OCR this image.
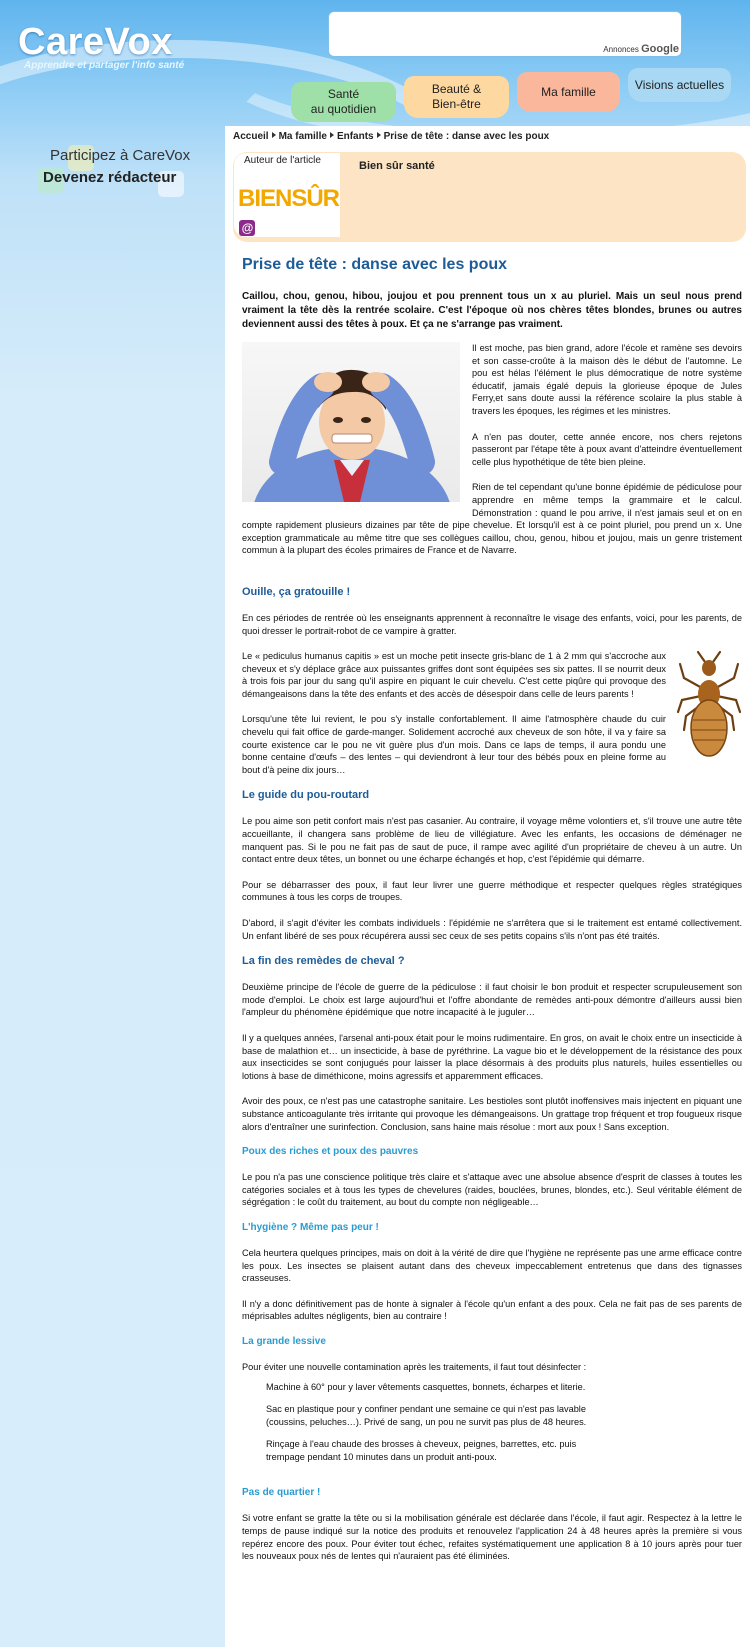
CareVox
Apprendre et partager l'info santé
Annonces Google
Santé
au quotidien
Beauté &
Bien-être
Ma famille	Visions actuelles
Participez à CareVox
Devenez rédacteur
Accueil Ma famille Enfants Prise de tête : danse avec les poux
Auteur de l'article
BIENSÛR@
Bien sûr santé
Prise de tête : danse avec les poux

Caillou, chou, genou, hibou, joujou et pou prennent tous un x au pluriel. Mais un seul nous prend vraiment la tête dès la rentrée scolaire. C'est l'époque où nos chères têtes blondes, brunes ou autres deviennent aussi des têtes à poux. Et ça ne s'arrange pas vraiment.

Il est moche, pas bien grand, adore l'école et ramène ses devoirs et son casse-croûte à la maison dès le début de l'automne. Le pou est hélas l'élément le plus démocratique de notre système éducatif, jamais égalé depuis la glorieuse époque de Jules Ferry,et sans doute aussi la référence scolaire la plus stable à travers les époques, les régimes et les ministres.

A n'en pas douter, cette année encore, nos chers rejetons passeront par l'étape tête à poux avant d'atteindre éventuellement celle plus hypothétique de tête bien pleine.

Rien de tel cependant qu'une bonne épidémie de pédiculose pour apprendre en même temps la grammaire et le calcul. Démonstration : quand le pou arrive, il n'est jamais seul et on en compte rapidement plusieurs dizaines par tête de pipe chevelue. Et lorsqu'il est à ce point pluriel, pou prend un x. Une exception grammaticale au même titre que ses collègues caillou, chou, genou, hibou et joujou, mais un genre tristement commun à la plupart des écoles primaires de France et de Navarre.

Ouille, ça gratouille !

En ces périodes de rentrée où les enseignants apprennent à reconnaître le visage des enfants, voici, pour les parents, de quoi dresser le portrait-robot de ce vampire à gratter.

Le « pediculus humanus capitis » est un moche petit insecte gris-blanc de 1 à 2 mm qui s'accroche aux cheveux et s'y déplace grâce aux puissantes griffes dont sont équipées ses six pattes. Il se nourrit deux à trois fois par jour du sang qu'il aspire en piquant le cuir chevelu. C'est cette piqûre qui provoque des démangeaisons dans la tête des enfants et des accès de désespoir dans celle de leurs parents !

Lorsqu'une tête lui revient, le pou s'y installe confortablement. Il aime l'atmosphère chaude du cuir chevelu qui fait office de garde-manger. Solidement accroché aux cheveux de son hôte, il va y faire sa courte existence car le pou ne vit guère plus d'un mois. Dans ce laps de temps, il aura pondu une bonne centaine d'œufs – des lentes – qui deviendront à leur tour des bébés poux en pleine forme au bout d'à peine dix jours…

Le guide du pou-routard

Le pou aime son petit confort mais n'est pas casanier. Au contraire, il voyage même volontiers et, s'il trouve une autre tête accueillante, il changera sans problème de lieu de villégiature. Avec les enfants, les occasions de déménager ne manquent pas. Si le pou ne fait pas de saut de puce, il rampe avec agilité d'un propriétaire de cheveu à un autre. Un contact entre deux têtes, un bonnet ou une écharpe échangés et hop, c'est l'épidémie qui démarre.

Pour se débarrasser des poux, il faut leur livrer une guerre méthodique et respecter quelques règles stratégiques communes à tous les corps de troupes.

D'abord, il s'agit d'éviter les combats individuels : l'épidémie ne s'arrêtera que si le traitement est entamé collectivement. Un enfant libéré de ses poux récupérera aussi sec ceux de ses petits copains s'ils n'ont pas été traités.

La fin des remèdes de cheval ?

Deuxième principe de l'école de guerre de la pédiculose : il faut choisir le bon produit et respecter scrupuleusement son mode d'emploi. Le choix est large aujourd'hui et l'offre abondante de remèdes anti-poux démontre d'ailleurs aussi bien l'ampleur du phénomène épidémique que notre incapacité à le juguler…

Il y a quelques années, l'arsenal anti-poux était pour le moins rudimentaire. En gros, on avait le choix entre un insecticide à base de malathion et… un insecticide, à base de pyréthrine. La vague bio et le développement de la résistance des poux aux insecticides se sont conjugués pour laisser la place désormais à des produits plus naturels, huiles essentielles ou lotions à base de diméthicone, moins agressifs et apparemment efficaces.

Avoir des poux, ce n'est pas une catastrophe sanitaire. Les bestioles sont plutôt inoffensives mais injectent en piquant une substance anticoagulante très irritante qui provoque les démangeaisons. Un grattage trop fréquent et trop fougueux risque alors d'entraîner une surinfection. Conclusion, sans haine mais résolue : mort aux poux ! Sans exception.

Poux des riches et poux des pauvres

Le pou n'a pas une conscience politique très claire et s'attaque avec une absolue absence d'esprit de classes à toutes les catégories sociales et à tous les types de chevelures (raides, bouclées, brunes, blondes, etc.). Seul véritable élément de ségrégation : le coût du traitement, au bout du compte non négligeable…

L'hygiène ? Même pas peur !

Cela heurtera quelques principes, mais on doit à la vérité de dire que l'hygiène ne représente pas une arme efficace contre les poux. Les insectes se plaisent autant dans des cheveux impeccablement entretenus que dans des tignasses crasseuses.

Il n'y a donc définitivement pas de honte à signaler à l'école qu'un enfant a des poux. Cela ne fait pas de ses parents de méprisables adultes négligents, bien au contraire !

La grande lessive

Pour éviter une nouvelle contamination après les traitements, il faut tout désinfecter :

Machine à 60° pour y laver vêtements casquettes, bonnets, écharpes et literie.
Sac en plastique pour y confiner pendant une semaine ce qui n'est pas lavable (coussins, peluches…). Privé de sang, un pou ne survit pas plus de 48 heures.
Rinçage à l'eau chaude des brosses à cheveux, peignes, barrettes, etc. puis trempage pendant 10 minutes dans un produit anti-poux.
Pas de quartier !

Si votre enfant se gratte la tête ou si la mobilisation générale est déclarée dans l'école, il faut agir. Respectez à la lettre le temps de pause indiqué sur la notice des produits et renouvelez l'application 24 à 48 heures après la première si vous repérez encore des poux. Pour éviter tout échec, refaites systématiquement une application 8 à 10 jours après pour tuer les nouveaux poux nés de lentes qui n'auraient pas été éliminées.
